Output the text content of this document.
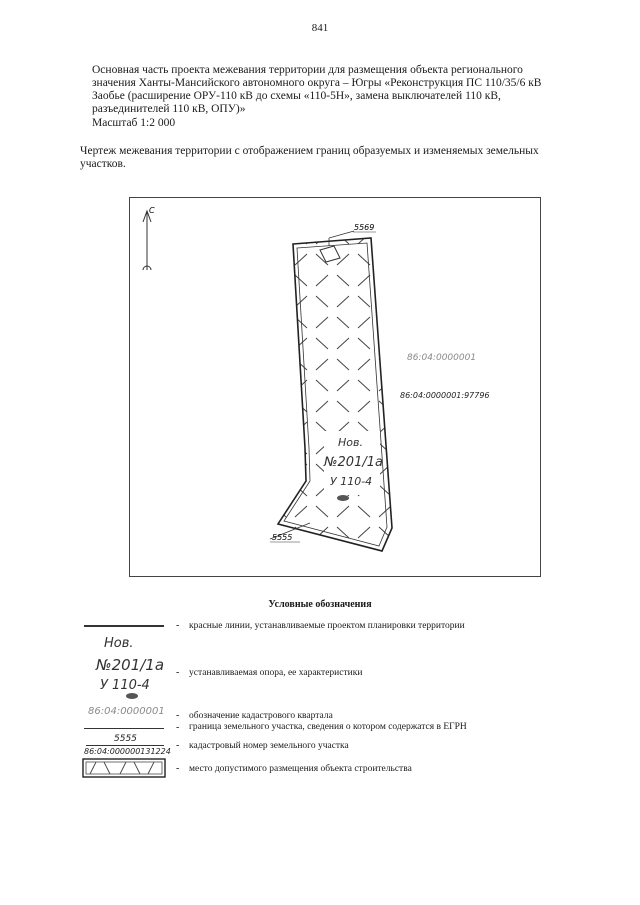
841

Основная часть проекта межевания территории для размещения объекта регионального

значения Ханты-Мансийского автономного округа – Югры «Реконструкция ПС 110/35/6 кВ

Заобье (расширение ОРУ-110 кВ до схемы «110-5Н», замена выключателей 110 кВ,

разъединителей 110 кВ, ОПУ)»

Масштаб 1:2 000
Чертеж межевания территории с отображением границ образуемых и изменяемых земельных
участков.
С
5569
5555
Нов.
№201/1а
У 110-4
86:04:0000001
86:04:0000001:97796
Условные обозначения
- красные линии, устанавливаемые проектом планировки территории
Нов.
№201/1а
У 110-4
- устанавливаемая опора, ее характеристики
86:04:0000001 - обозначение кадастрового квартала
- граница земельного участка, сведения о котором содержатся в ЕГРН
5555
86:04:000000131224
- кадастровый номер земельного участка
- место допустимого размещения объекта строительства
